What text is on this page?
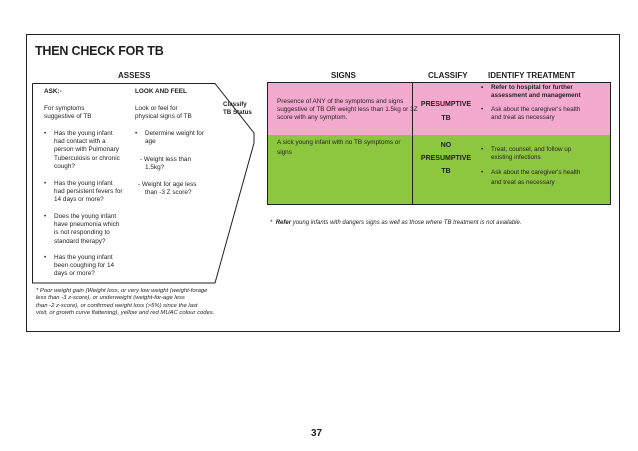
THEN CHECK FOR TB
ASSESS	SIGNS	CLASSIFY	IDENTIFY TREATMENT
ASK:-
For symptoms
suggestive of TB
• Has the young infant
had contact with a
person with Pulmonary
Tuberculosis or chronic
cough?
• Has the young infant
had persistent fevers for
14 days or more?
• Does the young infant
have pneumonia which
is not responding to
standard therapy?
• Has the young infant
been coughing for 14
days or more?
LOOK AND FEEL
Look or feel for
physical signs of TB
• Determine weight for
age
- Weight less than
1.5kg?
- Weight for age less
than -3 Z score?
Classify
TB Status
* Poor weight gain (Weight loss, or very low weight (weight-forage
less than -3 z-score), or underweight (weight-for-age less
than -2 z-score), or confirmed weight loss (>5%) since the last
visit, or growth curve flattening), yellow and red MUAC colour codes.
Presence of ANY of the symptoms and signs
suggestive of TB OR weight less than 1.5kg or 3Z
score with any symptom.
PRESUMPTIVE
TB
• Refer to hospital for further
assessment and management
• Ask about the caregiver's health
and treat as necessary
A sick young infant with no TB symptoms or
signs
NO
PRESUMPTIVE
TB
• Treat, counsel, and follow up
existing infections
• Ask about the caregiver's health
and treat as necessary
* Refer young infants with dangers signs as well as those where TB treatment is not available.
37
